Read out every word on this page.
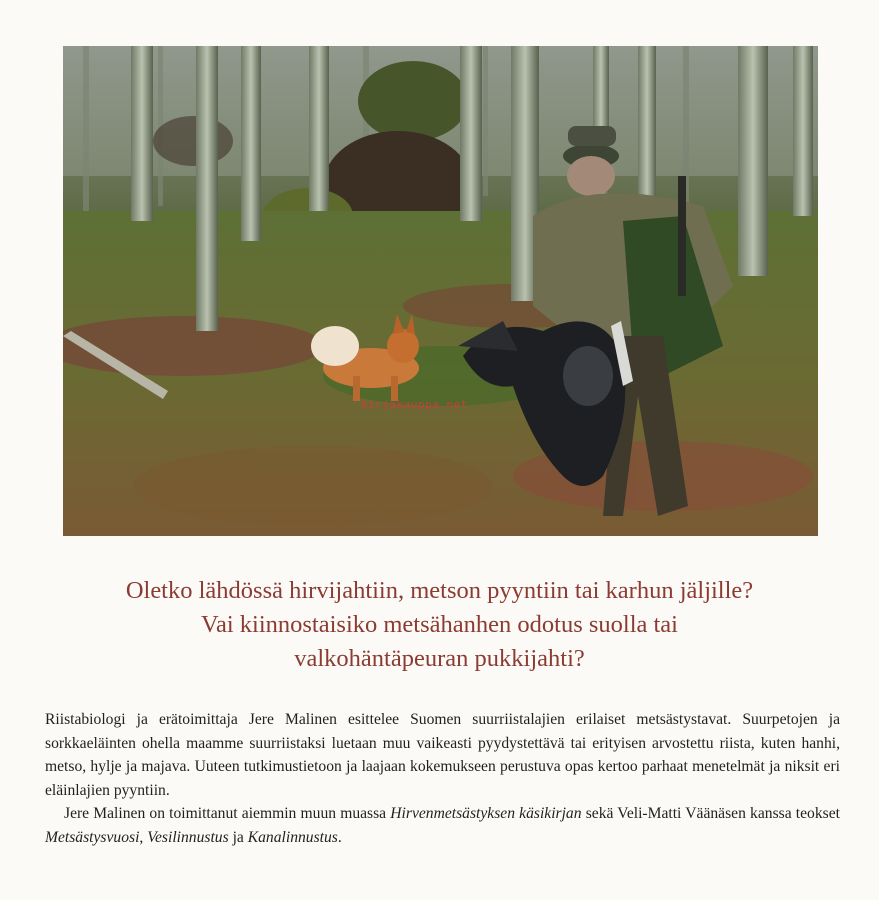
kirjakauppa.net
Oletko lähdössä hirvijahtiin, metson pyyntiin tai karhun jäljille?
Vai kiinnostaisiko metsähanhen odotus suolla tai
valkohäntäpeuran pukkijahti?

Riistabiologi ja erätoimittaja Jere Malinen esittelee Suomen suurriistalajien erilaiset metsästystavat. Suurpetojen ja sorkkaeläinten ohella maamme suurriistaksi luetaan muu vaikeasti pyydystettävä tai erityisen arvostettu riista, kuten hanhi, metso, hylje ja majava. Uuteen tutkimustietoon ja laajaan kokemukseen perustuva opas kertoo parhaat menetelmät ja niksit eri eläinlajien pyyntiin.

Jere Malinen on toimittanut aiemmin muun muassa Hirvenmetsästyksen käsikirjan sekä Veli-Matti Väänäsen kanssa teokset Metsästysvuosi, Vesilinnustus ja Kanalinnustus.
